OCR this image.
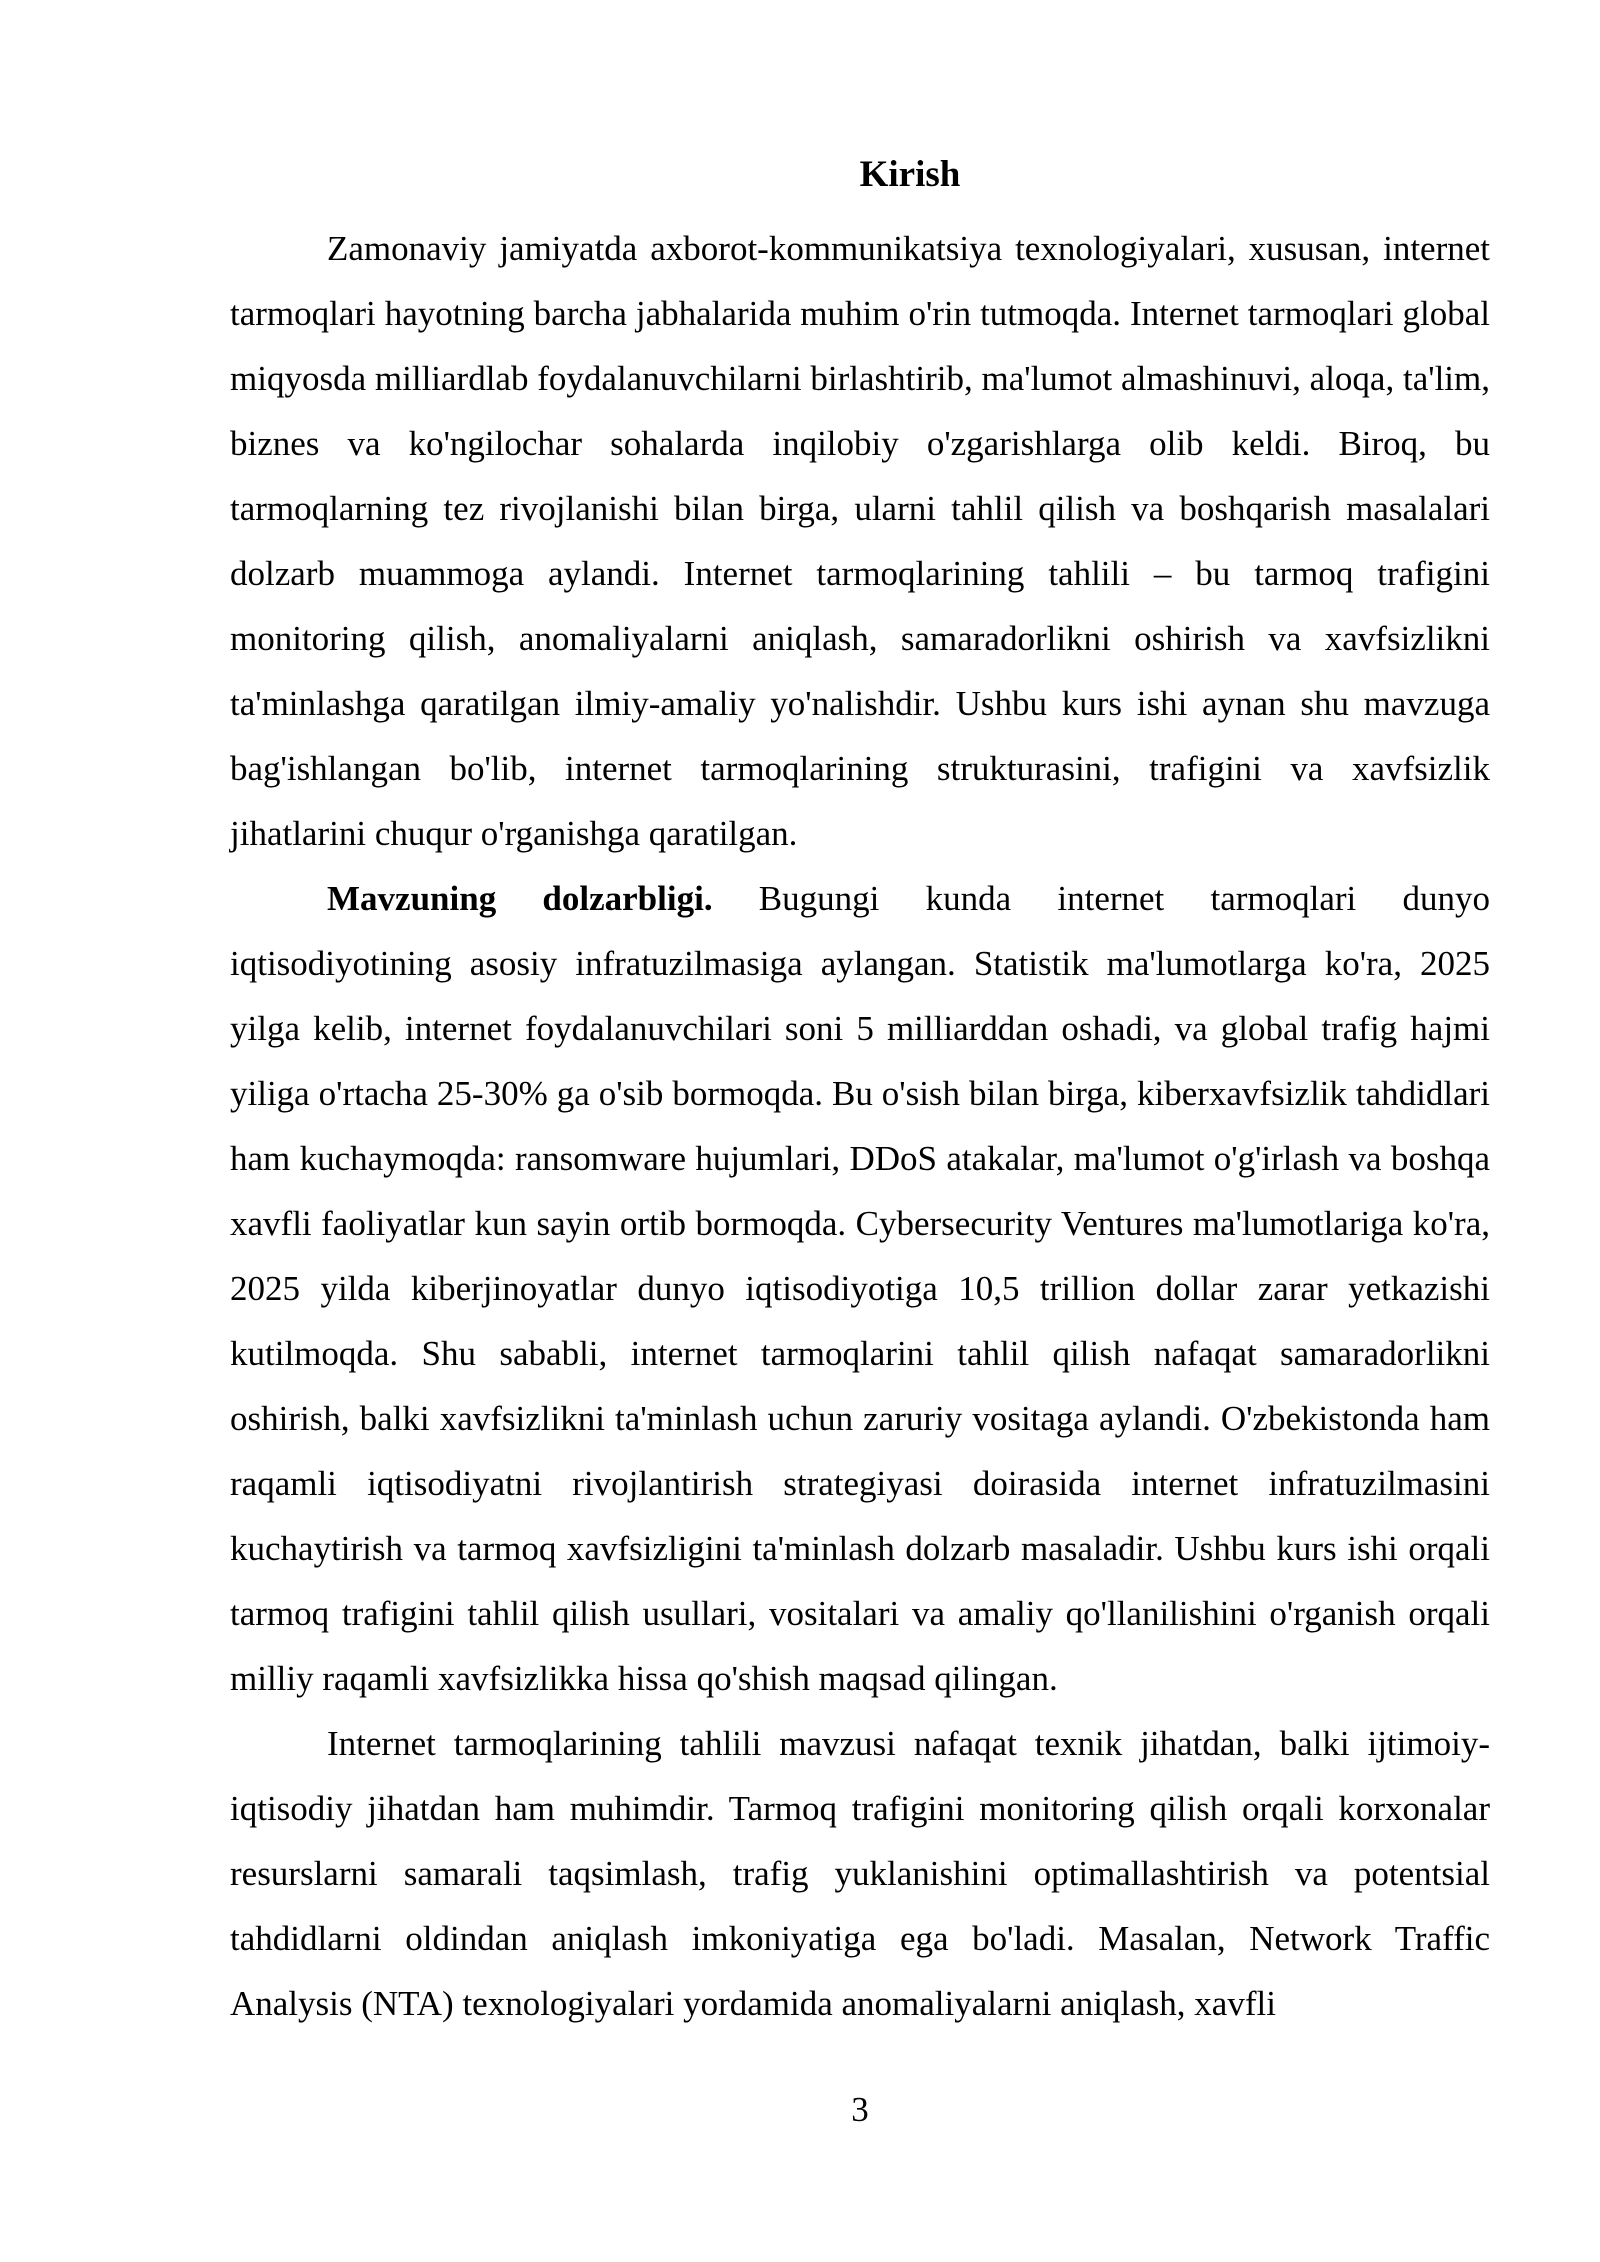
Kirish

Zamonaviy jamiyatda axborot-kommunikatsiya texnologiyalari, xususan, internet tarmoqlari hayotning barcha jabhalarida muhim o'rin tutmoqda. Internet tarmoqlari global miqyosda milliardlab foydalanuvchilarni birlashtirib, ma'lumot almashinuvi, aloqa, ta'lim, biznes va ko'ngilochar sohalarda inqilobiy o'zgarishlarga olib keldi. Biroq, bu tarmoqlarning tez rivojlanishi bilan birga, ularni tahlil qilish va boshqarish masalalari dolzarb muammoga aylandi. Internet tarmoqlarining tahlili – bu tarmoq trafigini monitoring qilish, anomaliyalarni aniqlash, samaradorlikni oshirish va xavfsizlikni ta'minlashga qaratilgan ilmiy-amaliy yo'nalishdir. Ushbu kurs ishi aynan shu mavzuga bag'ishlangan bo'lib, internet tarmoqlarining strukturasini, trafigini va xavfsizlik jihatlarini chuqur o'rganishga qaratilgan.

Mavzuning dolzarbligi. Bugungi kunda internet tarmoqlari dunyo iqtisodiyotining asosiy infratuzilmasiga aylangan. Statistik ma'lumotlarga ko'ra, 2025 yilga kelib, internet foydalanuvchilari soni 5 milliarddan oshadi, va global trafig hajmi yiliga o'rtacha 25-30% ga o'sib bormoqda. Bu o'sish bilan birga, kiberxavfsizlik tahdidlari ham kuchaymoqda: ransomware hujumlari, DDoS atakalar, ma'lumot o'g'irlash va boshqa xavfli faoliyatlar kun sayin ortib bormoqda. Cybersecurity Ventures ma'lumotlariga ko'ra, 2025 yilda kiberjinoyatlar dunyo iqtisodiyotiga 10,5 trillion dollar zarar yetkazishi kutilmoqda. Shu sababli, internet tarmoqlarini tahlil qilish nafaqat samaradorlikni oshirish, balki xavfsizlikni ta'minlash uchun zaruriy vositaga aylandi. O'zbekistonda ham raqamli iqtisodiyatni rivojlantirish strategiyasi doirasida internet infratuzilmasini kuchaytirish va tarmoq xavfsizligini ta'minlash dolzarb masaladir. Ushbu kurs ishi orqali tarmoq trafigini tahlil qilish usullari, vositalari va amaliy qo'llanilishini o'rganish orqali milliy raqamli xavfsizlikka hissa qo'shish maqsad qilingan.

Internet tarmoqlarining tahlili mavzusi nafaqat texnik jihatdan, balki ijtimoiy-iqtisodiy jihatdan ham muhimdir. Tarmoq trafigini monitoring qilish orqali korxonalar resurslarni samarali taqsimlash, trafig yuklanishini optimallashtirish va potentsial tahdidlarni oldindan aniqlash imkoniyatiga ega bo'ladi. Masalan, Network Traffic Analysis (NTA) texnologiyalari yordamida anomaliyalarni aniqlash, xavfli

3
